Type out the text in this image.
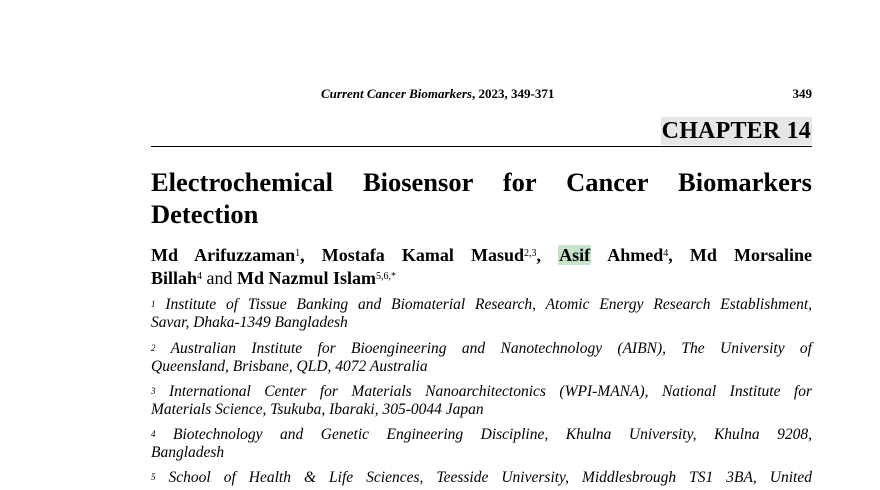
Current Cancer Biomarkers, 2023, 349-371	349
CHAPTER 14
Electrochemical Biosensor for Cancer Biomarkers
Detection
Md Arifuzzaman$^1$, Mostafa Kamal Masud$^{2,3}$, Asif Ahmed$^4$, Md Morsaline
Billah$^4$ and Md Nazmul Islam$^{5,6,*}$
$^1$ Institute of Tissue Banking and Biomaterial Research, Atomic Energy Research Establishment,
Savar, Dhaka-1349 Bangladesh
$^2$ Australian Institute for Bioengineering and Nanotechnology (AIBN), The University of
Queensland, Brisbane, QLD, 4072 Australia
$^3$ International Center for Materials Nanoarchitectonics (WPI-MANA), National Institute for
Materials Science, Tsukuba, Ibaraki, 305-0044 Japan
$^4$ Biotechnology and Genetic Engineering Discipline, Khulna University, Khulna 9208,
Bangladesh
$^5$ School of Health & Life Sciences, Teesside University, Middlesbrough TS1 3BA, United
